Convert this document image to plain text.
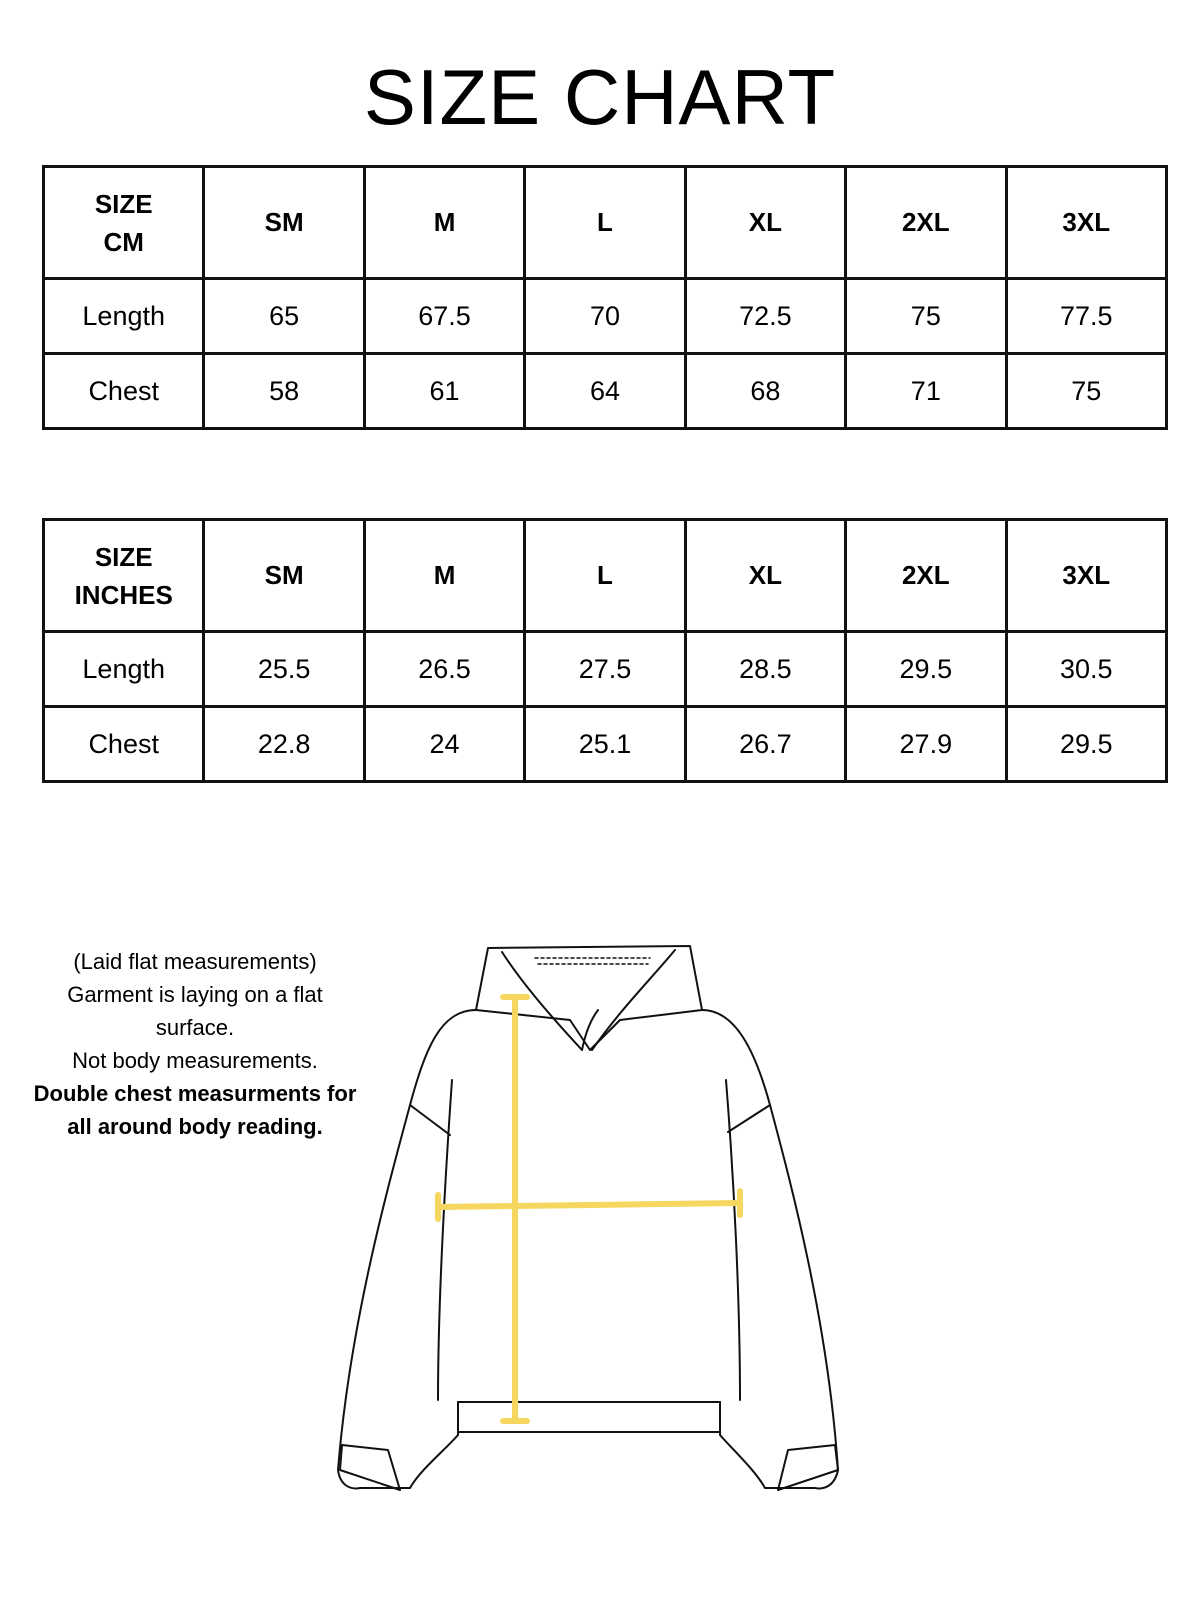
SIZE CHART
SIZE
CM	SM	M	L	XL	2XL	3XL
Length	65	67.5	70	72.5	75	77.5
Chest	58	61	64	68	71	75
SIZE
INCHES	SM	M	L	XL	2XL	3XL
Length	25.5	26.5	27.5	28.5	29.5	30.5
Chest	22.8	24	25.1	26.7	27.9	29.5
(Laid flat measurements)
Garment is laying on a flat surface.
Not body measurements.
Double chest measurments for all around body reading.
